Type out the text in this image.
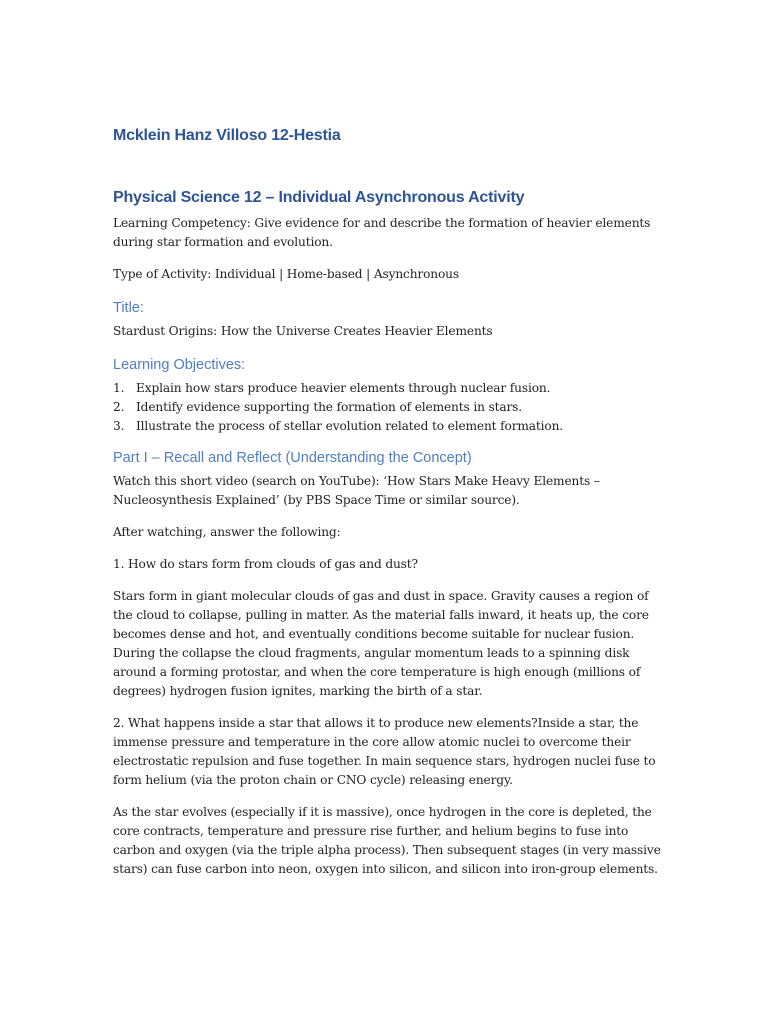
Mcklein Hanz Villoso 12-Hestia
Physical Science 12 – Individual Asynchronous Activity

Learning Competency: Give evidence for and describe the formation of heavier elements during star formation and evolution.

Type of Activity: Individual | Home-based | Asynchronous

Title:

Stardust Origins: How the Universe Creates Heavier Elements

Learning Objectives:
1. Explain how stars produce heavier elements through nuclear fusion.
2. Identify evidence supporting the formation of elements in stars.
3. Illustrate the process of stellar evolution related to element formation.
Part I – Recall and Reflect (Understanding the Concept)

Watch this short video (search on YouTube): ‘How Stars Make Heavy Elements – Nucleosynthesis Explained’ (by PBS Space Time or similar source).

After watching, answer the following:

1. How do stars form from clouds of gas and dust?

Stars form in giant molecular clouds of gas and dust in space. Gravity causes a region of the cloud to collapse, pulling in matter. As the material falls inward, it heats up, the core becomes dense and hot, and eventually conditions become suitable for nuclear fusion. During the collapse the cloud fragments, angular momentum leads to a spinning disk around a forming protostar, and when the core temperature is high enough (millions of degrees) hydrogen fusion ignites, marking the birth of a star.

2. What happens inside a star that allows it to produce new elements?Inside a star, the immense pressure and temperature in the core allow atomic nuclei to overcome their electrostatic repulsion and fuse together. In main sequence stars, hydrogen nuclei fuse to form helium (via the proton chain or CNO cycle) releasing energy.

As the star evolves (especially if it is massive), once hydrogen in the core is depleted, the core contracts, temperature and pressure rise further, and helium begins to fuse into carbon and oxygen (via the triple alpha process). Then subsequent stages (in very massive stars) can fuse carbon into neon, oxygen into silicon, and silicon into iron-group elements.
